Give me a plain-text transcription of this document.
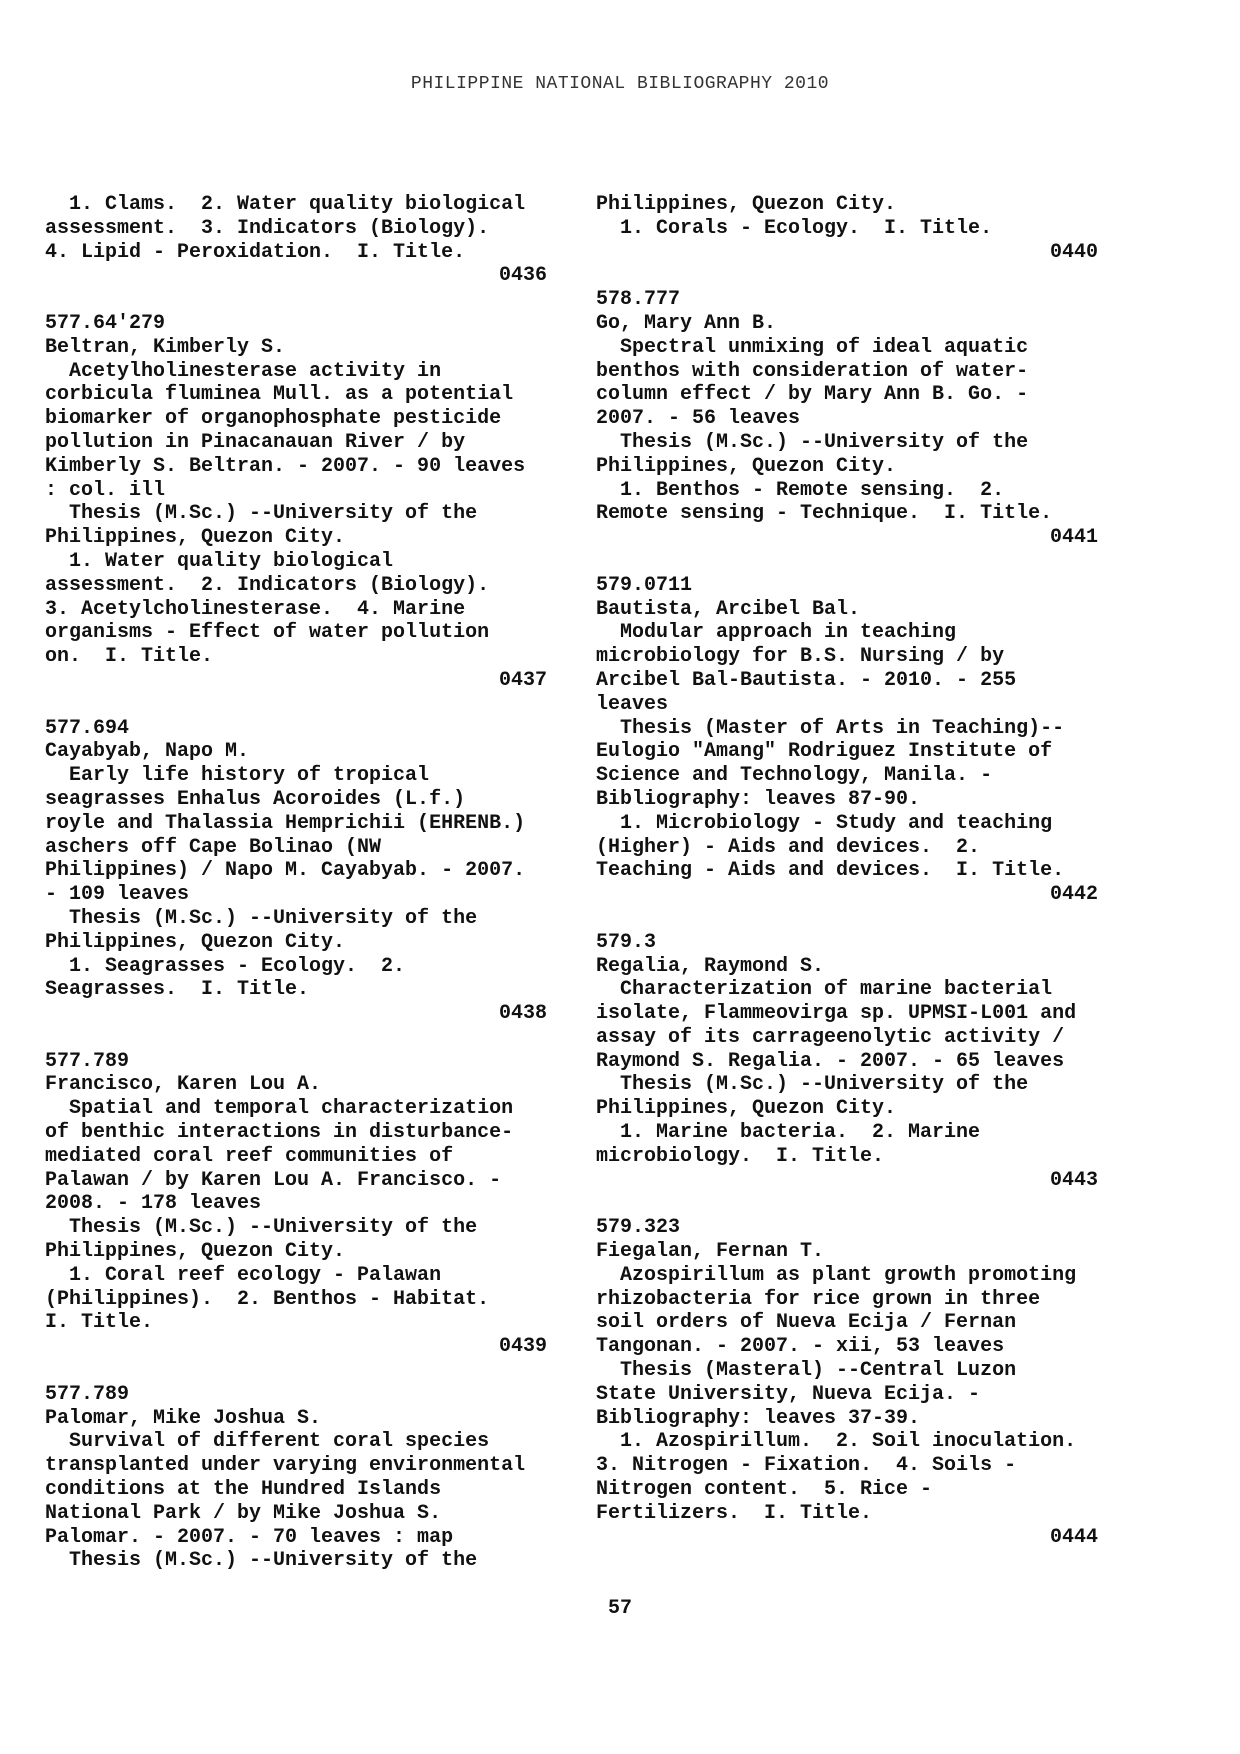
PHILIPPINE NATIONAL BIBLIOGRAPHY 2010
1. Clams.  2. Water quality biological
assessment.  3. Indicators (Biology).
4. Lipid - Peroxidation.  I. Title.
0436
577.64'279
Beltran, Kimberly S.
Acetylholinesterase activity in
corbicula fluminea Mull. as a potential
biomarker of organophosphate pesticide
pollution in Pinacanauan River / by
Kimberly S. Beltran. - 2007. - 90 leaves
: col. ill
Thesis (M.Sc.) --University of the
Philippines, Quezon City.
1. Water quality biological
assessment.  2. Indicators (Biology).
3. Acetylcholinesterase.  4. Marine
organisms - Effect of water pollution
on.  I. Title.
0437
577.694
Cayabyab, Napo M.
Early life history of tropical
seagrasses Enhalus Acoroides (L.f.)
royle and Thalassia Hemprichii (EHRENB.)
aschers off Cape Bolinao (NW
Philippines) / Napo M. Cayabyab. - 2007.
- 109 leaves
Thesis (M.Sc.) --University of the
Philippines, Quezon City.
1. Seagrasses - Ecology.  2.
Seagrasses.  I. Title.
0438
577.789
Francisco, Karen Lou A.
Spatial and temporal characterization
of benthic interactions in disturbance-
mediated coral reef communities of
Palawan / by Karen Lou A. Francisco. -
2008. - 178 leaves
Thesis (M.Sc.) --University of the
Philippines, Quezon City.
1. Coral reef ecology - Palawan
(Philippines).  2. Benthos - Habitat.
I. Title.
0439
577.789
Palomar, Mike Joshua S.
Survival of different coral species
transplanted under varying environmental
conditions at the Hundred Islands
National Park / by Mike Joshua S.
Palomar. - 2007. - 70 leaves : map
Thesis (M.Sc.) --University of the
Philippines, Quezon City.
1. Corals - Ecology.  I. Title.
0440
578.777
Go, Mary Ann B.
Spectral unmixing of ideal aquatic
benthos with consideration of water-
column effect / by Mary Ann B. Go. -
2007. - 56 leaves
Thesis (M.Sc.) --University of the
Philippines, Quezon City.
1. Benthos - Remote sensing.  2.
Remote sensing - Technique.  I. Title.
0441
579.0711
Bautista, Arcibel Bal.
Modular approach in teaching
microbiology for B.S. Nursing / by
Arcibel Bal-Bautista. - 2010. - 255
leaves
Thesis (Master of Arts in Teaching)--
Eulogio "Amang" Rodriguez Institute of
Science and Technology, Manila. -
Bibliography: leaves 87-90.
1. Microbiology - Study and teaching
(Higher) - Aids and devices.  2.
Teaching - Aids and devices.  I. Title.
0442
579.3
Regalia, Raymond S.
Characterization of marine bacterial
isolate, Flammeovirga sp. UPMSI-L001 and
assay of its carrageenolytic activity /
Raymond S. Regalia. - 2007. - 65 leaves
Thesis (M.Sc.) --University of the
Philippines, Quezon City.
1. Marine bacteria.  2. Marine
microbiology.  I. Title.
0443
579.323
Fiegalan, Fernan T.
Azospirillum as plant growth promoting
rhizobacteria for rice grown in three
soil orders of Nueva Ecija / Fernan
Tangonan. - 2007. - xii, 53 leaves
Thesis (Masteral) --Central Luzon
State University, Nueva Ecija. -
Bibliography: leaves 37-39.
1. Azospirillum.  2. Soil inoculation.
3. Nitrogen - Fixation.  4. Soils -
Nitrogen content.  5. Rice -
Fertilizers.  I. Title.
0444
57
